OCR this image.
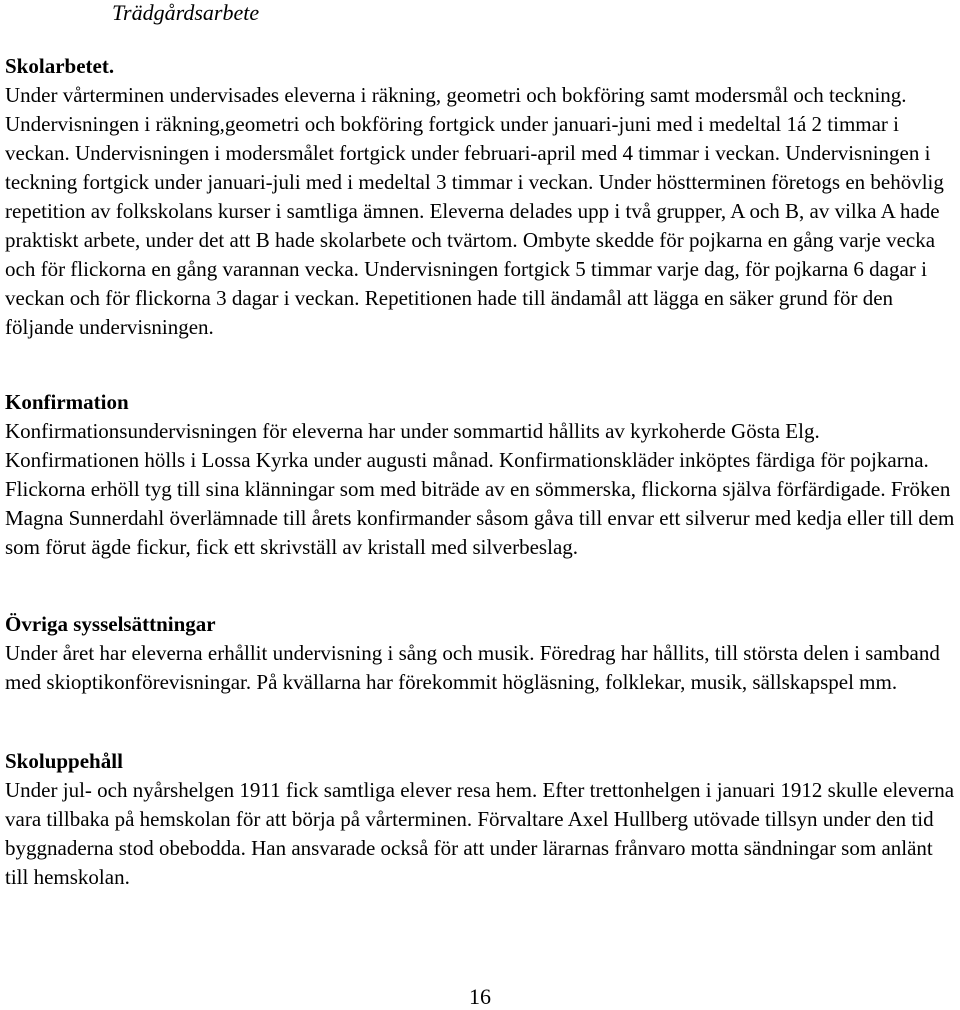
Trädgårdsarbete
Skolarbetet.

Under vårterminen undervisades eleverna i räkning, geometri och bokföring samt modersmål och teckning. Undervisningen i räkning,geometri och bokföring fortgick under januari-juni med i medeltal 1á 2 timmar i veckan. Undervisningen i modersmålet fortgick under februari-april med 4 timmar i veckan. Undervisningen i teckning fortgick under januari-juli med i medeltal 3 timmar i veckan. Under höstterminen företogs en behövlig repetition av folkskolans kurser i samtliga ämnen. Eleverna delades upp i två grupper, A och B, av vilka A hade praktiskt arbete, under det att B hade skolarbete och tvärtom. Ombyte skedde för pojkarna en gång varje vecka och för flickorna en gång varannan vecka. Undervisningen fortgick 5 timmar varje dag, för pojkarna 6 dagar i veckan och för flickorna 3 dagar i veckan. Repetitionen hade till ändamål att lägga en säker grund för den följande undervisningen.

Konfirmation

Konfirmationsundervisningen för eleverna har under sommartid hållits av kyrkoherde Gösta Elg. Konfirmationen hölls i Lossa Kyrka under augusti månad. Konfirmationskläder inköptes färdiga för pojkarna. Flickorna erhöll tyg till sina klänningar som med biträde av en sömmerska, flickorna själva förfärdigade. Fröken Magna Sunnerdahl överlämnade till årets konfirmander såsom gåva till envar ett silverur med kedja eller till dem som förut ägde fickur, fick ett skrivställ av kristall med silverbeslag.

Övriga sysselsättningar

Under året har eleverna erhållit undervisning i sång och musik. Föredrag har hållits, till största delen i samband med skioptikonförevisningar. På kvällarna har förekommit högläsning, folklekar, musik, sällskapspel mm.

Skoluppehåll

Under jul- och nyårshelgen 1911 fick samtliga elever resa hem. Efter trettonhelgen i januari 1912 skulle eleverna vara tillbaka på hemskolan för att börja på vårterminen. Förvaltare Axel Hullberg utövade tillsyn under den tid byggnaderna stod obebodda. Han ansvarade också för att under lärarnas frånvaro motta sändningar som anlänt till hemskolan.

16
